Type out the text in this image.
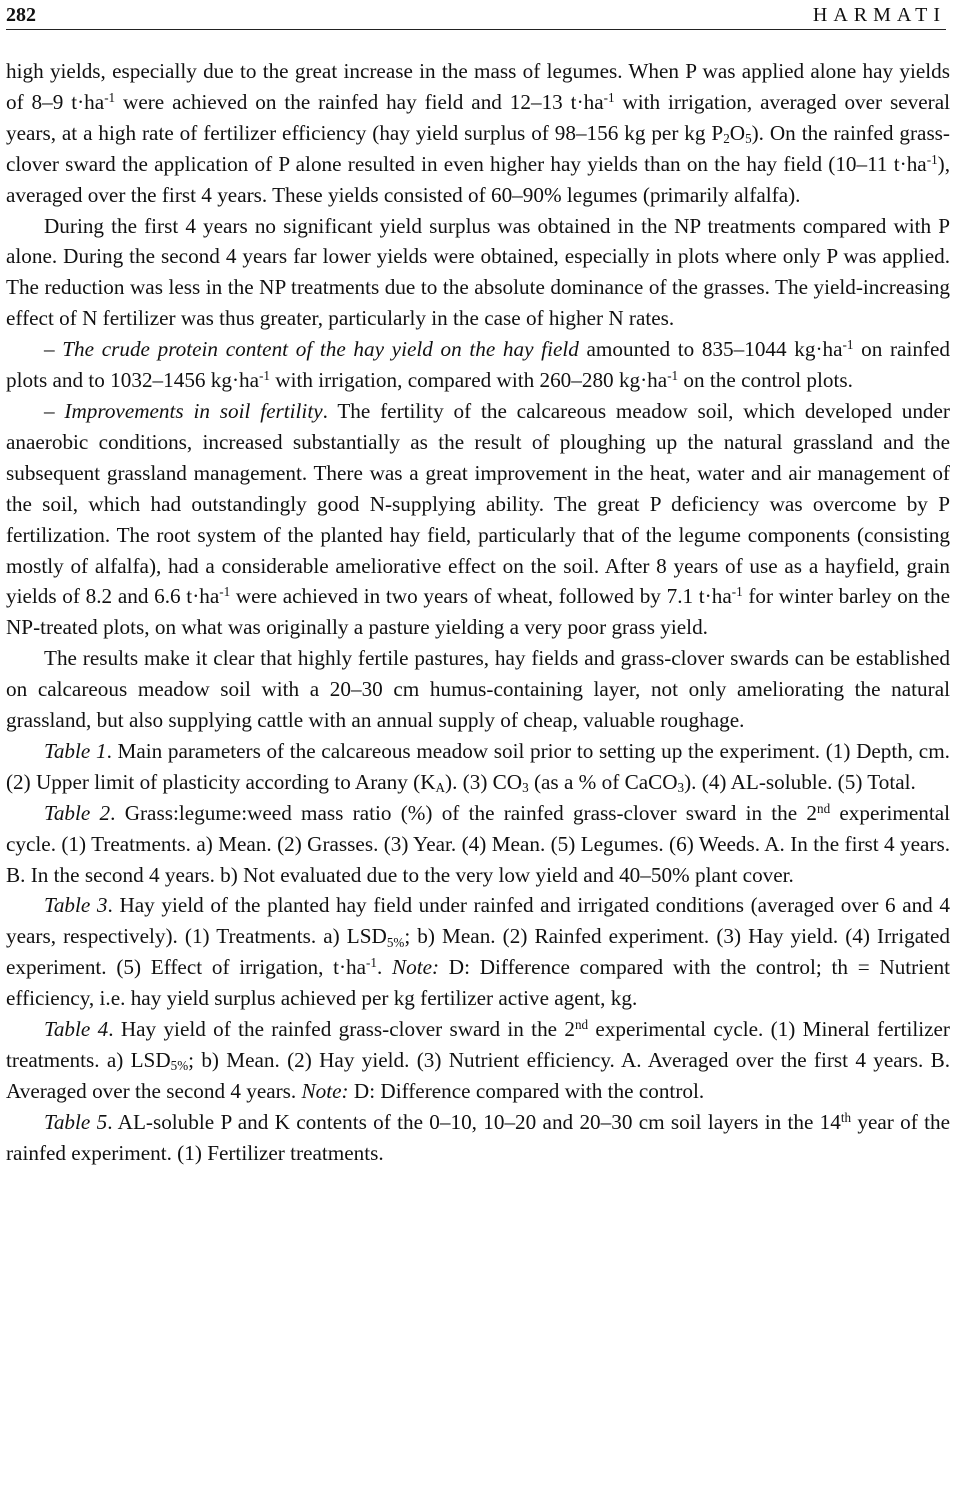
282	HARMATI

high yields, especially due to the great increase in the mass of legumes. When P was applied alone hay yields of 8–9 $t\cdot ha^{-1}$ were achieved on the rainfed hay field and 12–13 $t\cdot ha^{-1}$ with irrigation, averaged over several years, at a high rate of fertilizer efficiency (hay yield surplus of 98–156 kg per kg $P_2O_5$). On the rainfed grass-clover sward the application of P alone resulted in even higher hay yields than on the hay field (10–11 $t\cdot ha^{-1}$), averaged over the first 4 years. These yields consisted of 60–90% legumes (primarily alfalfa).

During the first 4 years no significant yield surplus was obtained in the NP treatments compared with P alone. During the second 4 years far lower yields were obtained, especially in plots where only P was applied. The reduction was less in the NP treatments due to the absolute dominance of the grasses. The yield-increasing effect of N fertilizer was thus greater, particularly in the case of higher N rates.

– The crude protein content of the hay yield on the hay field amounted to 835–1044 $kg\cdot ha^{-1}$ on rainfed plots and to 1032–1456 $kg\cdot ha^{-1}$ with irrigation, compared with 260–280 $kg\cdot ha^{-1}$ on the control plots.

– Improvements in soil fertility. The fertility of the calcareous meadow soil, which developed under anaerobic conditions, increased substantially as the result of ploughing up the natural grassland and the subsequent grassland management. There was a great improvement in the heat, water and air management of the soil, which had outstandingly good N-supplying ability. The great P deficiency was overcome by P fertilization. The root system of the planted hay field, particularly that of the legume components (consisting mostly of alfalfa), had a considerable ameliorative effect on the soil. After 8 years of use as a hayfield, grain yields of 8.2 and 6.6 $t\cdot ha^{-1}$ were achieved in two years of wheat, followed by 7.1 $t\cdot ha^{-1}$ for winter barley on the NP-treated plots, on what was originally a pasture yielding a very poor grass yield.

The results make it clear that highly fertile pastures, hay fields and grass-clover swards can be established on calcareous meadow soil with a 20–30 cm humus-containing layer, not only ameliorating the natural grassland, but also supplying cattle with an annual supply of cheap, valuable roughage.

Table 1. Main parameters of the calcareous meadow soil prior to setting up the experiment. (1) Depth, cm. (2) Upper limit of plasticity according to Arany $(K_A)$. (3) $CO_3$ (as a % of CaCO$_3$). (4) AL-soluble. (5) Total.

Table 2. Grass:legume:weed mass ratio (%) of the rainfed grass-clover sward in the 2nd experimental cycle. (1) Treatments. a) Mean. (2) Grasses. (3) Year. (4) Mean. (5) Legumes. (6) Weeds. A. In the first 4 years. B. In the second 4 years. b) Not evaluated due to the very low yield and 40–50% plant cover.

Table 3. Hay yield of the planted hay field under rainfed and irrigated conditions (averaged over 6 and 4 years, respectively). (1) Treatments. a) $LSD_{5\%}$; b) Mean. (2) Rainfed experiment. (3) Hay yield. (4) Irrigated experiment. (5) Effect of irrigation, $t\cdot ha^{-1}$. Note: D: Difference compared with the control; th = Nutrient efficiency, i.e. hay yield surplus achieved per kg fertilizer active agent, kg.

Table 4. Hay yield of the rainfed grass-clover sward in the 2nd experimental cycle. (1) Mineral fertilizer treatments. a) $LSD_{5\%}$; b) Mean. (2) Hay yield. (3) Nutrient efficiency. A. Averaged over the first 4 years. B. Averaged over the second 4 years. Note: D: Difference compared with the control.

Table 5. AL-soluble P and K contents of the 0–10, 10–20 and 20–30 cm soil layers in the 14th year of the rainfed experiment. (1) Fertilizer treatments.
